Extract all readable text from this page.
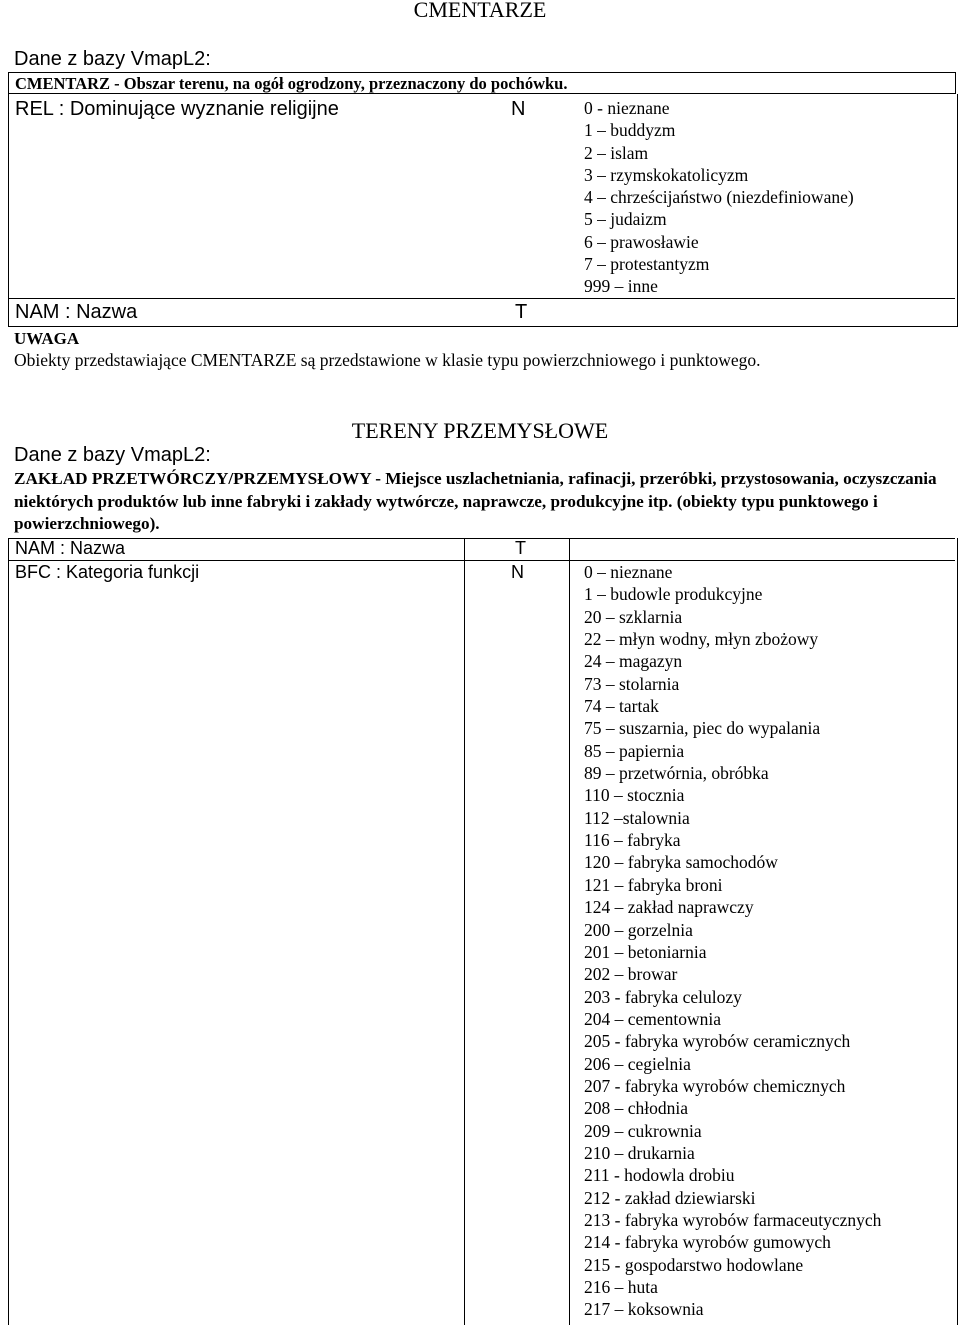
CMENTARZE
Dane z bazy VmapL2:
CMENTARZ - Obszar terenu, na ogół ogrodzony, przeznaczony do pochówku.
REL : Dominujące wyznanie religijne	N	0 - nieznane
1 – buddyzm
2 – islam
3 – rzymskokatolicyzm
4 – chrześcijaństwo (niezdefiniowane)
5 – judaizm
6 – prawosławie
7 – protestantyzm
999 – inne
NAM : Nazwa	T
UWAGA
Obiekty przedstawiające CMENTARZE są przedstawione w klasie typu powierzchniowego i punktowego.
TERENY PRZEMYSŁOWE
Dane z bazy VmapL2:
ZAKŁAD PRZETWÓRCZY/PRZEMYSŁOWY - Miejsce uszlachetniania, rafinacji, przeróbki, przystosowania, oczyszczania niektórych produktów lub inne fabryki i zakłady wytwórcze, naprawcze, produkcyjne itp. (obiekty typu punktowego i powierzchniowego).
NAM : Nazwa	T
BFC : Kategoria funkcji	N	0 – nieznane
1 – budowle produkcyjne
20 – szklarnia
22 – młyn wodny, młyn zbożowy
24 – magazyn
73 – stolarnia
74 – tartak
75 – suszarnia, piec do wypalania
85 – papiernia
89 – przetwórnia, obróbka
110 – stocznia
112 –stalownia
116 – fabryka
120 – fabryka samochodów
121 – fabryka broni
124 – zakład naprawczy
200 – gorzelnia
201 – betoniarnia
202 – browar
203 - fabryka celulozy
204 – cementownia
205 - fabryka wyrobów ceramicznych
206 – cegielnia
207 - fabryka wyrobów chemicznych
208 – chłodnia
209 – cukrownia
210 – drukarnia
211 - hodowla drobiu
212 - zakład dziewiarski
213 - fabryka wyrobów farmaceutycznych
214 - fabryka wyrobów gumowych
215 - gospodarstwo hodowlane
216 – huta
217 – koksownia
